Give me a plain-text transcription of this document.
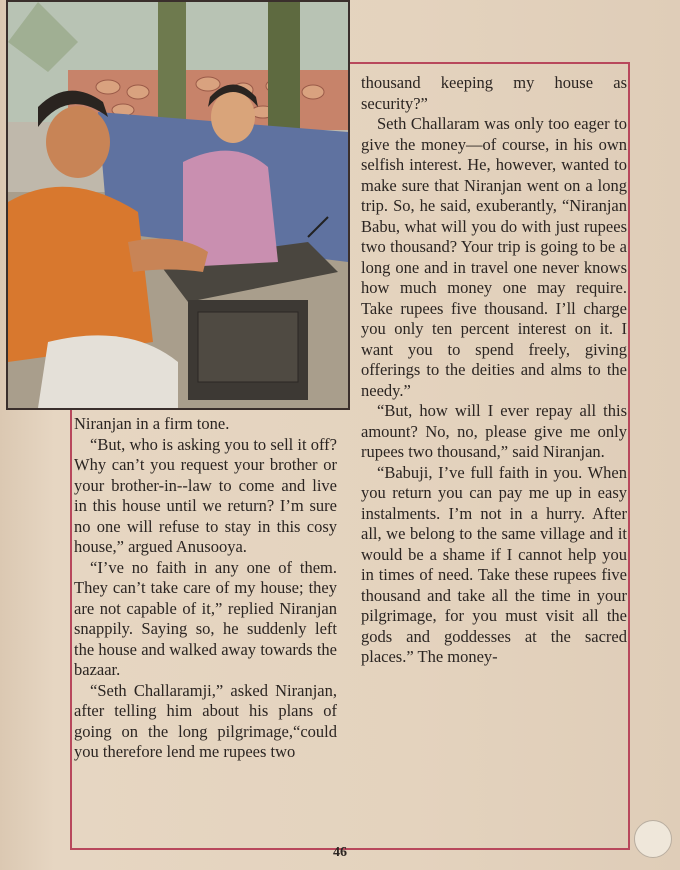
Niranjan in a firm tone.

“But, who is asking you to sell it off? Why can’t you request your brother or your brother-in--law to come and live in this house until we return? I’m sure no one will refuse to stay in this cosy house,” argued Anusooya.

“I’ve no faith in any one of them. They can’t take care of my house; they are not capable of it,” replied Niranjan snappily. Saying so, he suddenly left the house and walked away towards the bazaar.

“Seth Challaramji,” asked Niranjan, after telling him about his plans of going on the long pilgrimage,“could you therefore lend me rupees two

thousand keeping my house as security?”

Seth Challaram was only too eager to give the money—of course, in his own selfish interest. He, however, wanted to make sure that Niranjan went on a long trip. So, he said, exuberantly, “Niranjan Babu, what will you do with just rupees two thousand? Your trip is going to be a long one and in travel one never knows how much money one may require. Take rupees five thousand. I’ll charge you only ten percent interest on it. I want you to spend freely, giving offerings to the deities and alms to the needy.”

“But, how will I ever repay all this amount? No, no, please give me only rupees two thousand,” said Niranjan.

“Babuji, I’ve full faith in you. When you return you can pay me up in easy instalments. I’m not in a hurry. After all, we belong to the same village and it would be a shame if I cannot help you in times of need. Take these rupees five thousand and take all the time in your pilgrimage, for you must visit all the gods and goddesses at the sacred places.” The money-

46
